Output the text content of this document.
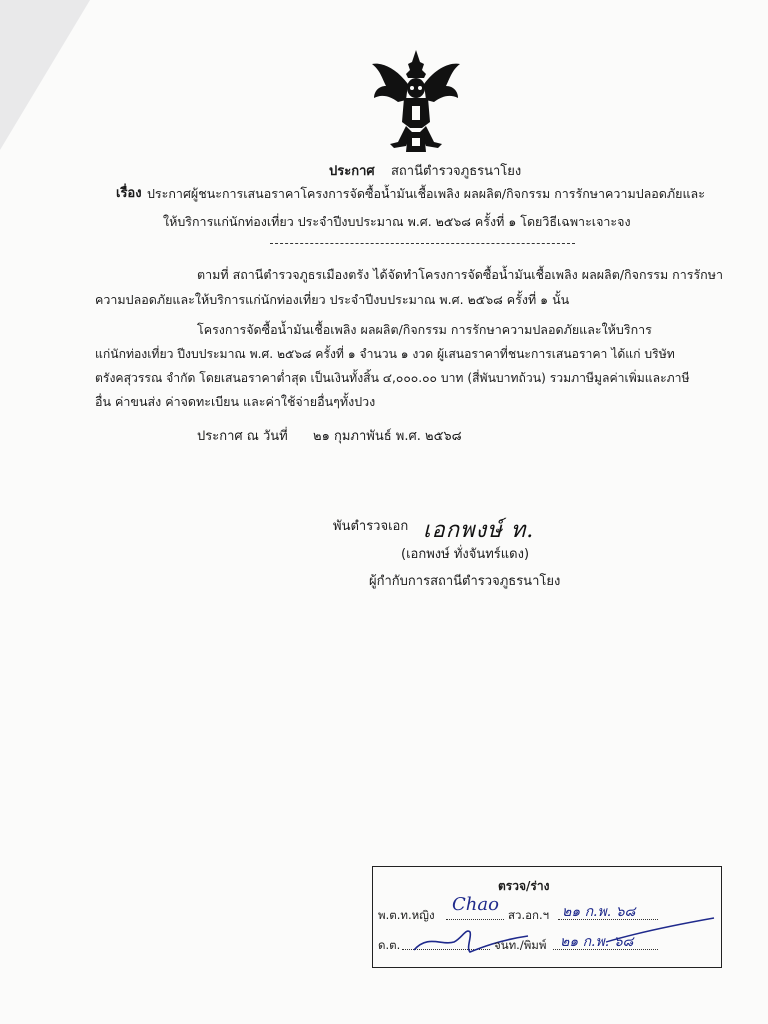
ประกาศ สถานีตำรวจภูธรนาโยง
เรื่อง ประกาศผู้ชนะการเสนอราคาโครงการจัดซื้อน้ำมันเชื้อเพลิง ผลผลิต/กิจกรรม การรักษาความปลอดภัยและ
ให้บริการแก่นักท่องเที่ยว ประจำปีงบประมาณ พ.ศ. ๒๕๖๘ ครั้งที่ ๑ โดยวิธีเฉพาะเจาะจง
ตามที่ สถานีตำรวจภูธรเมืองตรัง ได้จัดทำโครงการจัดซื้อน้ำมันเชื้อเพลิง ผลผลิต/กิจกรรม การรักษา
ความปลอดภัยและให้บริการแก่นักท่องเที่ยว ประจำปีงบประมาณ พ.ศ. ๒๕๖๘ ครั้งที่ ๑ นั้น
โครงการจัดซื้อน้ำมันเชื้อเพลิง ผลผลิต/กิจกรรม การรักษาความปลอดภัยและให้บริการ
แก่นักท่องเที่ยว ปีงบประมาณ พ.ศ. ๒๕๖๘ ครั้งที่ ๑ จำนวน ๑ งวด ผู้เสนอราคาที่ชนะการเสนอราคา ได้แก่ บริษัท
ตรังคสุวรรณ จำกัด โดยเสนอราคาต่ำสุด เป็นเงินทั้งสิ้น ๔,๐๐๐.๐๐ บาท (สี่พันบาทถ้วน) รวมภาษีมูลค่าเพิ่มและภาษี
อื่น ค่าขนส่ง ค่าจดทะเบียน และค่าใช้จ่ายอื่นๆทั้งปวง
ประกาศ ณ วันที่ ๒๑ กุมภาพันธ์ พ.ศ. ๒๕๖๘
พันตำรวจเอก เอกพงษ์ ท.
(เอกพงษ์ ทั่งจันทร์แดง)
ผู้กำกับการสถานีตำรวจภูธรนาโยง
ตรวจ/ร่าง
พ.ต.ท.หญิง Chao สว.อก.ฯ ๒๑ ก.พ. ๖๘
ด.ต.	จนท./พิมพ์ ๒๑ ก.พ. ๖๘
